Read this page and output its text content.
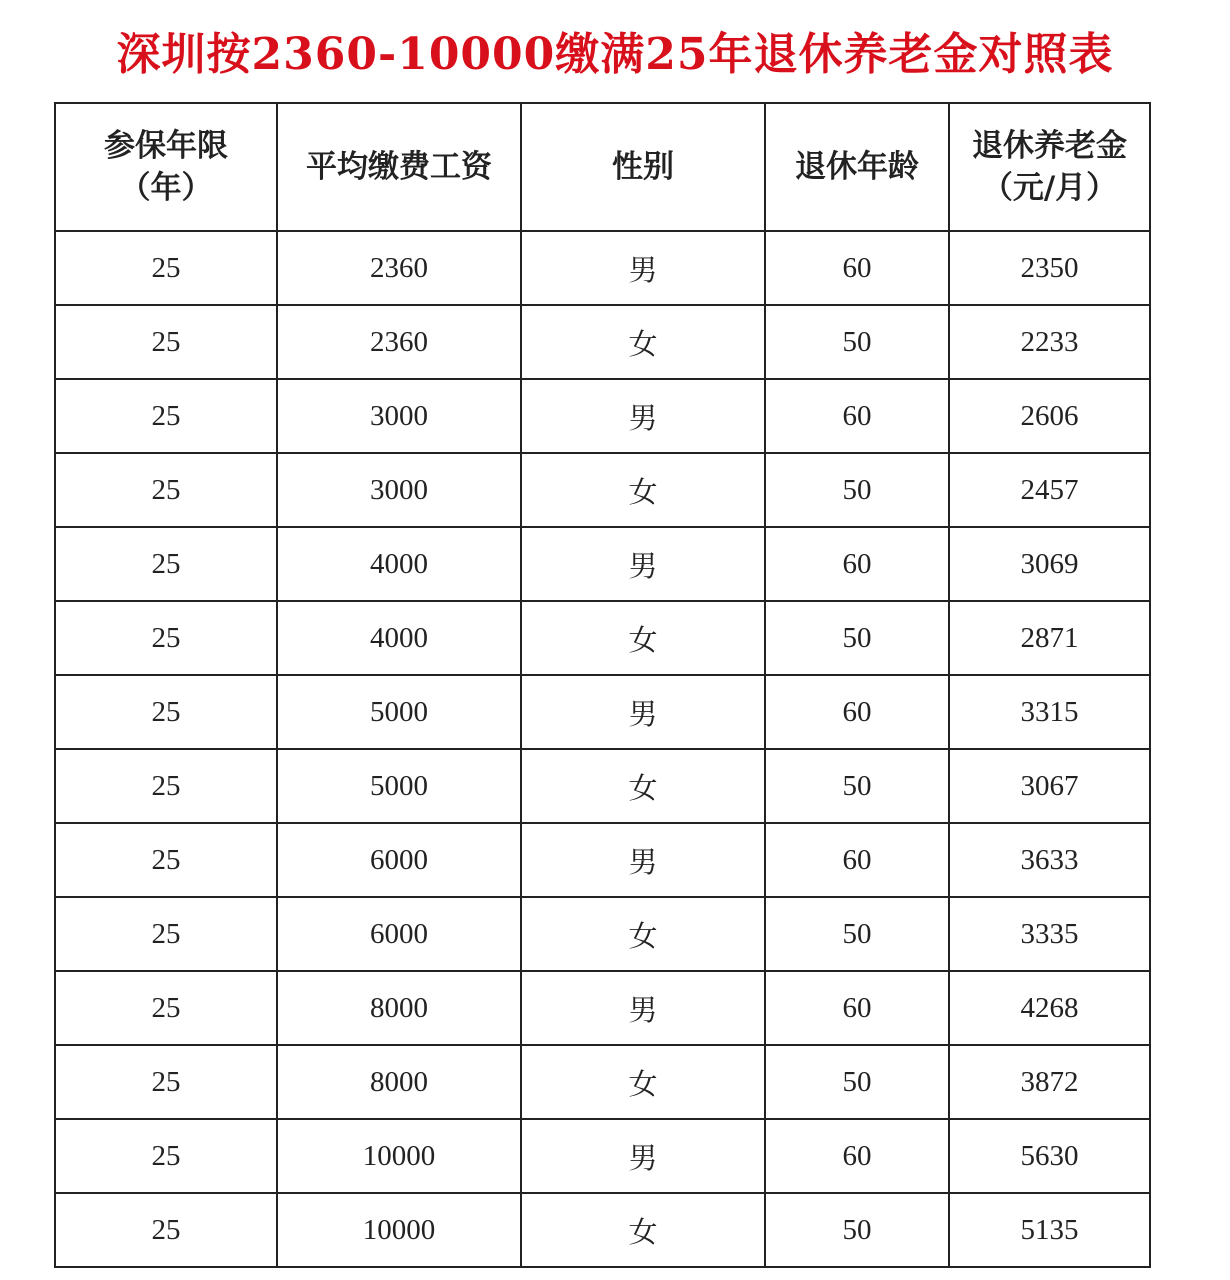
深圳按2360-10000缴满25年退休养老金对照表
参保年限（年）	平均缴费工资	性别	退休年龄	退休养老金（元/月）
25	2360	男	60	2350
25	2360	女	50	2233
25	3000	男	60	2606
25	3000	女	50	2457
25	4000	男	60	3069
25	4000	女	50	2871
25	5000	男	60	3315
25	5000	女	50	3067
25	6000	男	60	3633
25	6000	女	50	3335
25	8000	男	60	4268
25	8000	女	50	3872
25	10000	男	60	5630
25	10000	女	50	5135
